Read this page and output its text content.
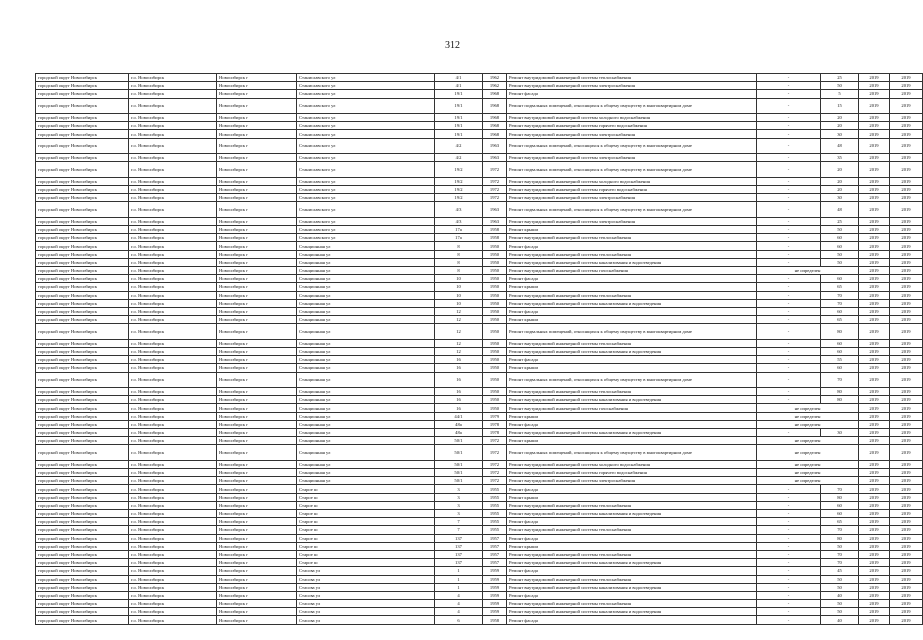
312
городской округ Новосибирск	г.о. Новосибирск	Новосибирск г	Станиславского ул	4/1	1962	Ремонт внутридомовой инженерной системы теплоснабжения	-	25	2019	2019
городской округ Новосибирск	г.о. Новосибирск	Новосибирск г	Станиславского ул	4/1	1962	Ремонт внутридомовой инженерной системы электроснабжения	-	50	2019	2019
городской округ Новосибирск	г.о. Новосибирск	Новосибирск г	Станиславского ул	19/1	1968	Ремонт фасада	-	5	2019	2019
городской округ Новосибирск	г.о. Новосибирск	Новосибирск г	Станиславского ул	19/1	1968	Ремонт подвальных помещений, относящихся к общему имуществу в многоквартирном доме	-	15	2019	2019
городской округ Новосибирск	г.о. Новосибирск	Новосибирск г	Станиславского ул	19/1	1968	Ремонт внутридомовой инженерной системы холодного водоснабжения	-	20	2019	2019
городской округ Новосибирск	г.о. Новосибирск	Новосибирск г	Станиславского ул	19/1	1968	Ремонт внутридомовой инженерной системы горячего водоснабжения	-	20	2019	2019
городской округ Новосибирск	г.о. Новосибирск	Новосибирск г	Станиславского ул	19/1	1968	Ремонт внутридомовой инженерной системы электроснабжения	-	30	2019	2019
городской округ Новосибирск	г.о. Новосибирск	Новосибирск г	Станиславского ул	4/2	1963	Ремонт подвальных помещений, относящихся к общему имуществу в многоквартирном доме	-	48	2019	2019
городской округ Новосибирск	г.о. Новосибирск	Новосибирск г	Станиславского ул	4/2	1963	Ремонт внутридомовой инженерной системы электроснабжения	-	35	2019	2019
городской округ Новосибирск	г.о. Новосибирск	Новосибирск г	Станиславского ул	19/2	1972	Ремонт подвальных помещений, относящихся к общему имуществу в многоквартирном доме	-	20	2019	2019
городской округ Новосибирск	г.о. Новосибирск	Новосибирск г	Станиславского ул	19/2	1972	Ремонт внутридомовой инженерной системы холодного водоснабжения	-	20	2019	2019
городской округ Новосибирск	г.о. Новосибирск	Новосибирск г	Станиславского ул	19/2	1972	Ремонт внутридомовой инженерной системы горячего водоснабжения	-	20	2019	2019
городской округ Новосибирск	г.о. Новосибирск	Новосибирск г	Станиславского ул	19/2	1972	Ремонт внутридомовой инженерной системы электроснабжения	-	30	2019	2019
городской округ Новосибирск	г.о. Новосибирск	Новосибирск г	Станиславского ул	4/3	1963	Ремонт подвальных помещений, относящихся к общему имуществу в многоквартирном доме	-	48	2019	2019
городской округ Новосибирск	г.о. Новосибирск	Новосибирск г	Станиславского ул	4/3	1963	Ремонт внутридомовой инженерной системы электроснабжения	-	25	2019	2019
городской округ Новосибирск	г.о. Новосибирск	Новосибирск г	Станиславского ул	17а	1958	Ремонт крыши	-	50	2019	2019
городской округ Новосибирск	г.о. Новосибирск	Новосибирск г	Станиславского ул	17а	1958	Ремонт внутридомовой инженерной системы теплоснабжения	-	60	2019	2019
городской округ Новосибирск	г.о. Новосибирск	Новосибирск г	Станционная ул	8	1950	Ремонт фасада	-	60	2019	2019
городской округ Новосибирск	г.о. Новосибирск	Новосибирск г	Станционная ул	8	1950	Ремонт внутридомовой инженерной системы теплоснабжения	-	50	2019	2019
городской округ Новосибирск	г.о. Новосибирск	Новосибирск г	Станционная ул	8	1950	Ремонт внутридомовой инженерной системы канализования и водоотведения	-	50	2019	2019
городской округ Новосибирск	г.о. Новосибирск	Новосибирск г	Станционная ул	8	1950	Ремонт внутридомовой инженерной системы газоснабжения	не определен		2019	2019
городской округ Новосибирск	г.о. Новосибирск	Новосибирск г	Станционная ул	10	1950	Ремонт фасада	-	60	2019	2019
городской округ Новосибирск	г.о. Новосибирск	Новосибирск г	Станционная ул	10	1950	Ремонт крыши	-	65	2019	2019
городской округ Новосибирск	г.о. Новосибирск	Новосибирск г	Станционная ул	10	1950	Ремонт внутридомовой инженерной системы теплоснабжения	-	70	2019	2019
городской округ Новосибирск	г.о. Новосибирск	Новосибирск г	Станционная ул	10	1950	Ремонт внутридомовой инженерной системы канализования и водоотведения	-	70	2019	2019
городской округ Новосибирск	г.о. Новосибирск	Новосибирск г	Станционная ул	12	1950	Ремонт фасада	-	60	2019	2019
городской округ Новосибирск	г.о. Новосибирск	Новосибирск г	Станционная ул	12	1950	Ремонт крыши	-	65	2019	2019
городской округ Новосибирск	г.о. Новосибирск	Новосибирск г	Станционная ул	12	1950	Ремонт подвальных помещений, относящихся к общему имуществу в многоквартирном доме	-	80	2019	2019
городской округ Новосибирск	г.о. Новосибирск	Новосибирск г	Станционная ул	12	1950	Ремонт внутридомовой инженерной системы теплоснабжения	-	60	2019	2019
городской округ Новосибирск	г.о. Новосибирск	Новосибирск г	Станционная ул	12	1950	Ремонт внутридомовой инженерной системы канализования и водоотведения	-	60	2019	2019
городской округ Новосибирск	г.о. Новосибирск	Новосибирск г	Станционная ул	16	1950	Ремонт фасада	-	55	2019	2019
городской округ Новосибирск	г.о. Новосибирск	Новосибирск г	Станционная ул	16	1950	Ремонт крыши	-	60	2019	2019
городской округ Новосибирск	г.о. Новосибирск	Новосибирск г	Станционная ул	16	1950	Ремонт подвальных помещений, относящихся к общему имуществу в многоквартирном доме	-	70	2019	2019
городской округ Новосибирск	г.о. Новосибирск	Новосибирск г	Станционная ул	16	1950	Ремонт внутридомовой инженерной системы теплоснабжения	-	80	2019	2019
городской округ Новосибирск	г.о. Новосибирск	Новосибирск г	Станционная ул	16	1950	Ремонт внутридомовой инженерной системы канализования и водоотведения	-	80	2019	2019
городской округ Новосибирск	г.о. Новосибирск	Новосибирск г	Станционная ул	16	1950	Ремонт внутридомовой инженерной системы газоснабжения	не определен		2019	2019
городской округ Новосибирск	г.о. Новосибирск	Новосибирск г	Станционная ул	44/1	1979	Ремонт крыши	не определен		2019	2019
городской округ Новосибирск	г.о. Новосибирск	Новосибирск г	Станционная ул	48а	1978	Ремонт фасада	не определен		2019	2019
городской округ Новосибирск	г.о. Новосибирск	Новосибирск г	Станционная ул	48а	1978	Ремонт внутридомовой инженерной системы канализования и водоотведения	-	30	2019	2019
городской округ Новосибирск	г.о. Новосибирск	Новосибирск г	Станционная ул	50/1	1972	Ремонт крыши	не определен		2019	2019
городской округ Новосибирск	г.о. Новосибирск	Новосибирск г	Станционная ул	50/1	1972	Ремонт подвальных помещений, относящихся к общему имуществу в многоквартирном доме	не определен		2019	2019
городской округ Новосибирск	г.о. Новосибирск	Новосибирск г	Станционная ул	50/1	1972	Ремонт внутридомовой инженерной системы холодного водоснабжения	не определен		2019	2019
городской округ Новосибирск	г.о. Новосибирск	Новосибирск г	Станционная ул	50/1	1972	Ремонт внутридомовой инженерной системы горячего водоснабжения	не определен		2019	2019
городской округ Новосибирск	г.о. Новосибирск	Новосибирск г	Станционная ул	50/1	1972	Ремонт внутридомовой инженерной системы электроснабжения	не определен		2019	2019
городской округ Новосибирск	г.о. Новосибирск	Новосибирск г	Старое ш	3	1955	Ремонт фасада	-	70	2019	2019
городской округ Новосибирск	г.о. Новосибирск	Новосибирск г	Старое ш	3	1955	Ремонт крыши	-	80	2019	2019
городской округ Новосибирск	г.о. Новосибирск	Новосибирск г	Старое ш	3	1955	Ремонт внутридомовой инженерной системы теплоснабжения	-	60	2019	2019
городской округ Новосибирск	г.о. Новосибирск	Новосибирск г	Старое ш	3	1955	Ремонт внутридомовой инженерной системы канализования и водоотведения	-	60	2019	2019
городской округ Новосибирск	г.о. Новосибирск	Новосибирск г	Старое ш	7	1955	Ремонт фасада	-	65	2019	2019
городской округ Новосибирск	г.о. Новосибирск	Новосибирск г	Старое ш	7	1955	Ремонт внутридомовой инженерной системы теплоснабжения	-	70	2019	2019
городской округ Новосибирск	г.о. Новосибирск	Новосибирск г	Старое ш	137	1957	Ремонт фасада	-	80	2019	2019
городской округ Новосибирск	г.о. Новосибирск	Новосибирск г	Старое ш	137	1957	Ремонт крыши	-	50	2019	2019
городской округ Новосибирск	г.о. Новосибирск	Новосибирск г	Старое ш	137	1957	Ремонт внутридомовой инженерной системы теплоснабжения	-	70	2019	2019
городской округ Новосибирск	г.о. Новосибирск	Новосибирск г	Старое ш	137	1957	Ремонт внутридомовой инженерной системы канализования и водоотведения	-	70	2019	2019
городской округ Новосибирск	г.о. Новосибирск	Новосибирск г	Стасова ул	1	1959	Ремонт фасада	-	45	2019	2019
городской округ Новосибирск	г.о. Новосибирск	Новосибирск г	Стасова ул	1	1959	Ремонт внутридомовой инженерной системы теплоснабжения	-	50	2019	2019
городской округ Новосибирск	г.о. Новосибирск	Новосибирск г	Стасова ул	1	1959	Ремонт внутридомовой инженерной системы канализования и водоотведения	-	50	2019	2019
городской округ Новосибирск	г.о. Новосибирск	Новосибирск г	Стасова ул	4	1959	Ремонт фасада	-	40	2019	2019
городской округ Новосибирск	г.о. Новосибирск	Новосибирск г	Стасова ул	4	1959	Ремонт внутридомовой инженерной системы теплоснабжения	-	50	2019	2019
городской округ Новосибирск	г.о. Новосибирск	Новосибирск г	Стасова ул	4	1959	Ремонт внутридомовой инженерной системы канализования и водоотведения	-	50	2019	2019
городской округ Новосибирск	г.о. Новосибирск	Новосибирск г	Стасова ул	6	1958	Ремонт фасада	-	40	2019	2019
